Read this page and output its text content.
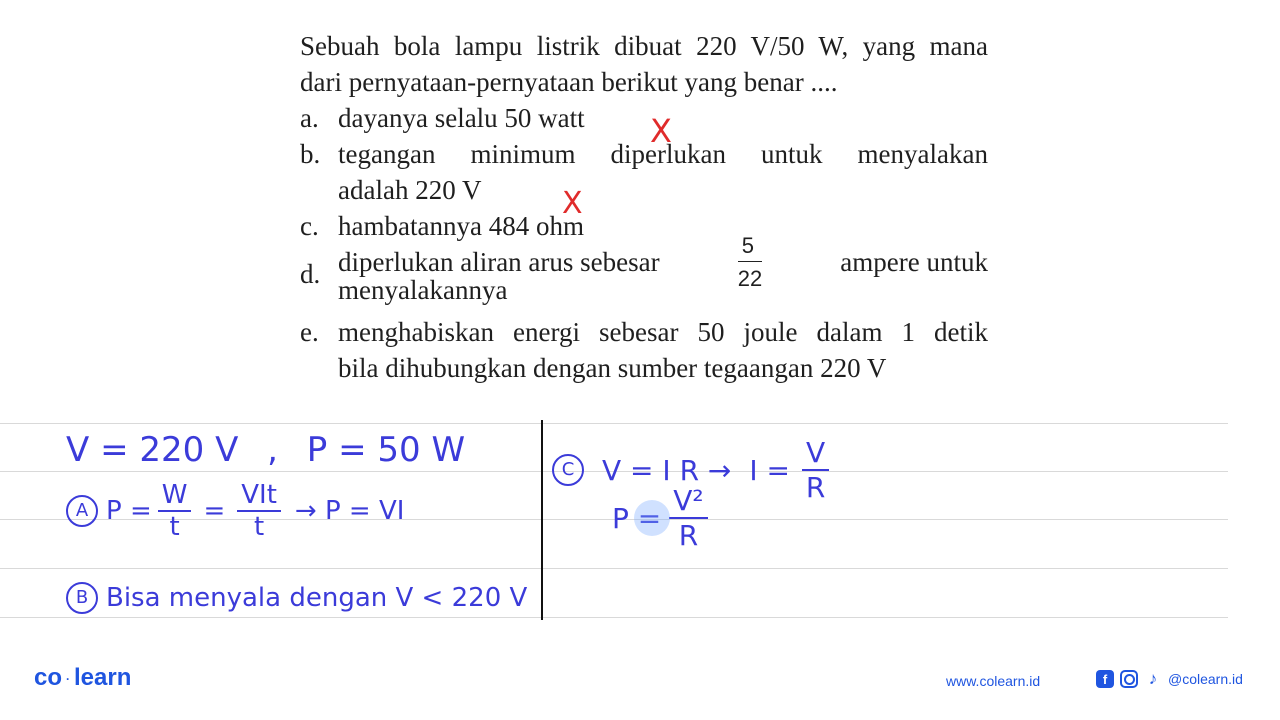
Sebuah bola lampu listrik dibuat 220 V/50 W, yang mana
dari pernyataan-pernyataan berikut yang benar ....
a. dayanya selalu 50 watt
b. tegangan minimum diperlukan untuk menyalakan
adalah 220 V
c. hambatannya 484 ohm
d. diperlukan aliran arus sebesar	$\frac{5}{22}$	ampere untuk
menyalakannya
e. menghabiskan energi sebesar 50 joule dalam 1 detik
bila dihubungkan dengan sumber tegaangan 220 V
X
X
V = 220 V , P = 50 W
A $P = \frac{W}{t}$ =
VIt
t
→ P = VI
B Bisa menyala dengan V < 220 V
C V = I $R \to I = \frac{V}{R}$
$P = \frac{\text{V²}}{R}$
co · learn	www.colearn.id	f	♪ @colearn.id
